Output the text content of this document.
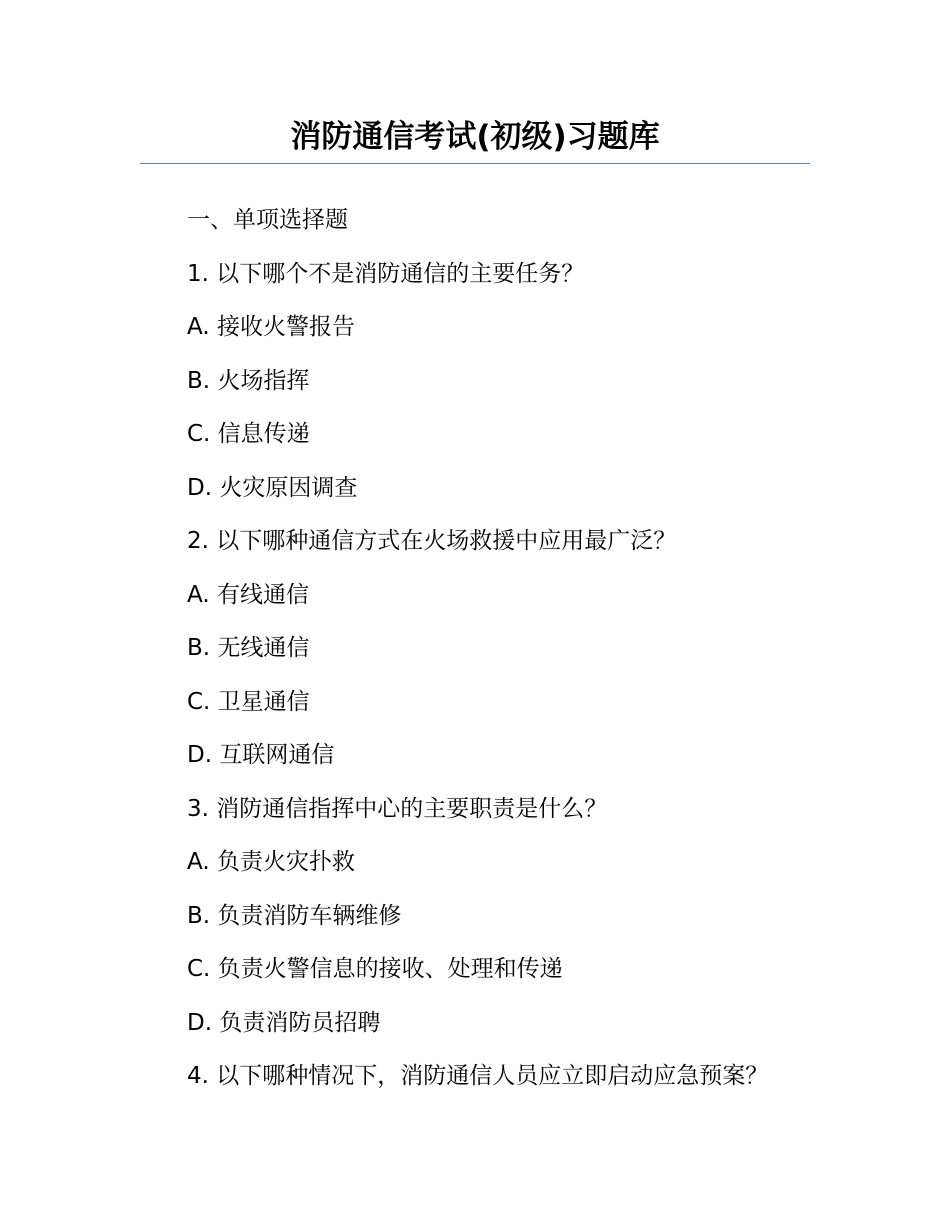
消防通信考试(初级)习题库

一、单项选择题

1. 以下哪个不是消防通信的主要任务？

A. 接收火警报告

B. 火场指挥

C. 信息传递

D. 火灾原因调查

2. 以下哪种通信方式在火场救援中应用最广泛？

A. 有线通信

B. 无线通信

C. 卫星通信

D. 互联网通信

3. 消防通信指挥中心的主要职责是什么？

A. 负责火灾扑救

B. 负责消防车辆维修

C. 负责火警信息的接收、处理和传递

D. 负责消防员招聘

4. 以下哪种情况下，消防通信人员应立即启动应急预案？
